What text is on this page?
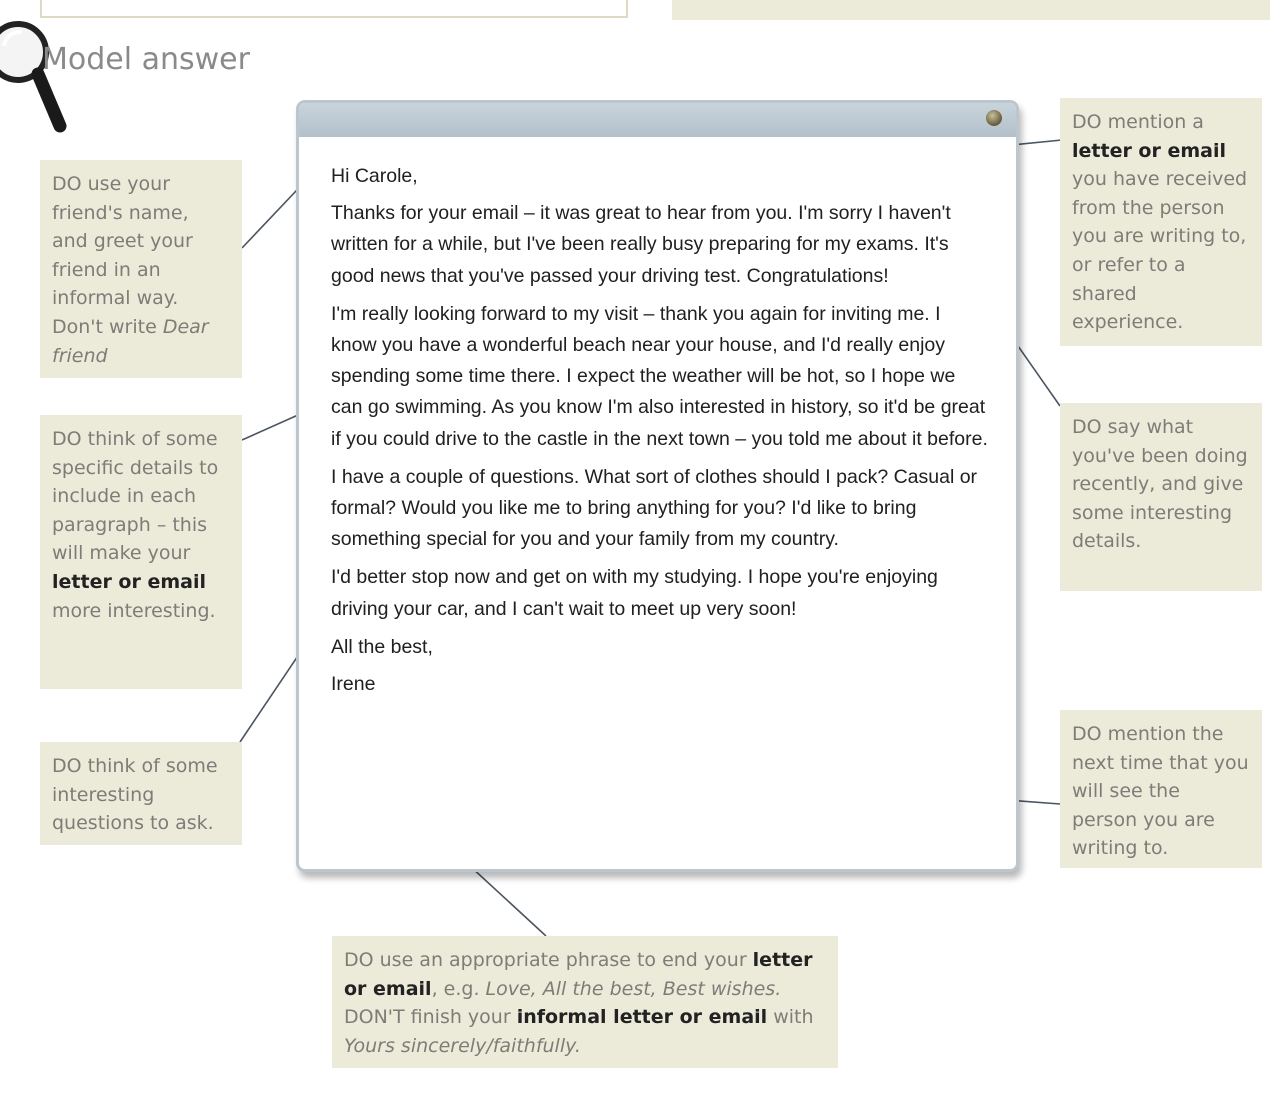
Model answer
DO use your friend's name, and greet your friend in an informal way. Don't write Dear friend
DO think of some specific details to include in each paragraph – this will make your letter or email more interesting.
DO think of some interesting questions to ask.
DO mention a letter or email you have received from the person you are writing to, or refer to a shared experience.
DO say what you've been doing recently, and give some interesting details.
DO mention the next time that you will see the person you are writing to.
DO use an appropriate phrase to end your letter or email, e.g. Love, All the best, Best wishes. DON'T finish your informal letter or email with Yours sincerely/faithfully.

Hi Carole,

Thanks for your email – it was great to hear from you. I'm sorry I haven't written for a while, but I've been really busy preparing for my exams. It's good news that you've passed your driving test. Congratulations!

I'm really looking forward to my visit – thank you again for inviting me. I know you have a wonderful beach near your house, and I'd really enjoy spending some time there. I expect the weather will be hot, so I hope we can go swimming. As you know I'm also interested in history, so it'd be great if you could drive to the castle in the next town – you told me about it before.

I have a couple of questions. What sort of clothes should I pack? Casual or formal? Would you like me to bring anything for you? I'd like to bring something special for you and your family from my country.

I'd better stop now and get on with my studying. I hope you're enjoying driving your car, and I can't wait to meet up very soon!

All the best,

Irene
